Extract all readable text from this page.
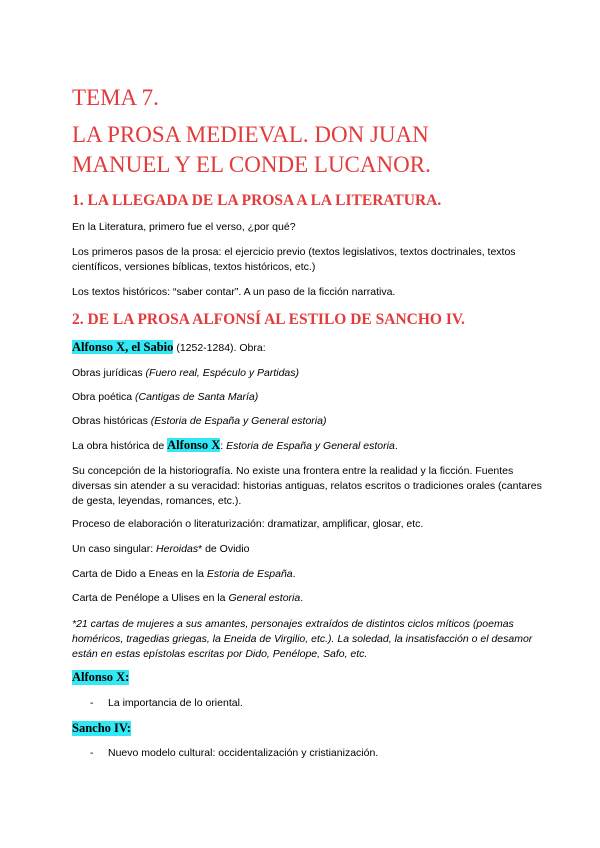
TEMA 7.
LA PROSA MEDIEVAL. DON JUAN MANUEL Y EL CONDE LUCANOR.
1. LA LLEGADA DE LA PROSA A LA LITERATURA.
En la Literatura, primero fue el verso, ¿por qué?
Los primeros pasos de la prosa: el ejercicio previo (textos legislativos, textos doctrinales, textos científicos, versiones bíblicas, textos históricos, etc.)
Los textos históricos: “saber contar”. A un paso de la ficción narrativa.
2. DE LA PROSA ALFONSÍ AL ESTILO DE SANCHO IV.
Alfonso X, el Sabio (1252-1284). Obra:
Obras jurídicas (Fuero real, Espéculo y Partidas)
Obra poética (Cantigas de Santa María)
Obras históricas (Estoria de España y General estoria)
La obra histórica de Alfonso X: Estoria de España y General estoria.
Su concepción de la historiografía. No existe una frontera entre la realidad y la ficción. Fuentes diversas sin atender a su veracidad: historias antiguas, relatos escritos o tradiciones orales (cantares de gesta, leyendas, romances, etc.).
Proceso de elaboración o literaturización: dramatizar, amplificar, glosar, etc.
Un caso singular: Heroidas* de Ovidio
Carta de Dido a Eneas en la Estoria de España.
Carta de Penélope a Ulises en la General estoria.
*21 cartas de mujeres a sus amantes, personajes extraídos de distintos ciclos míticos (poemas homéricos, tragedias griegas, la Eneida de Virgilio, etc.). La soledad, la insatisfacción o el desamor están en estas epístolas escritas por Dido, Penélope, Safo, etc.
Alfonso X:
- La importancia de lo oriental.
Sancho IV:
- Nuevo modelo cultural: occidentalización y cristianización.
